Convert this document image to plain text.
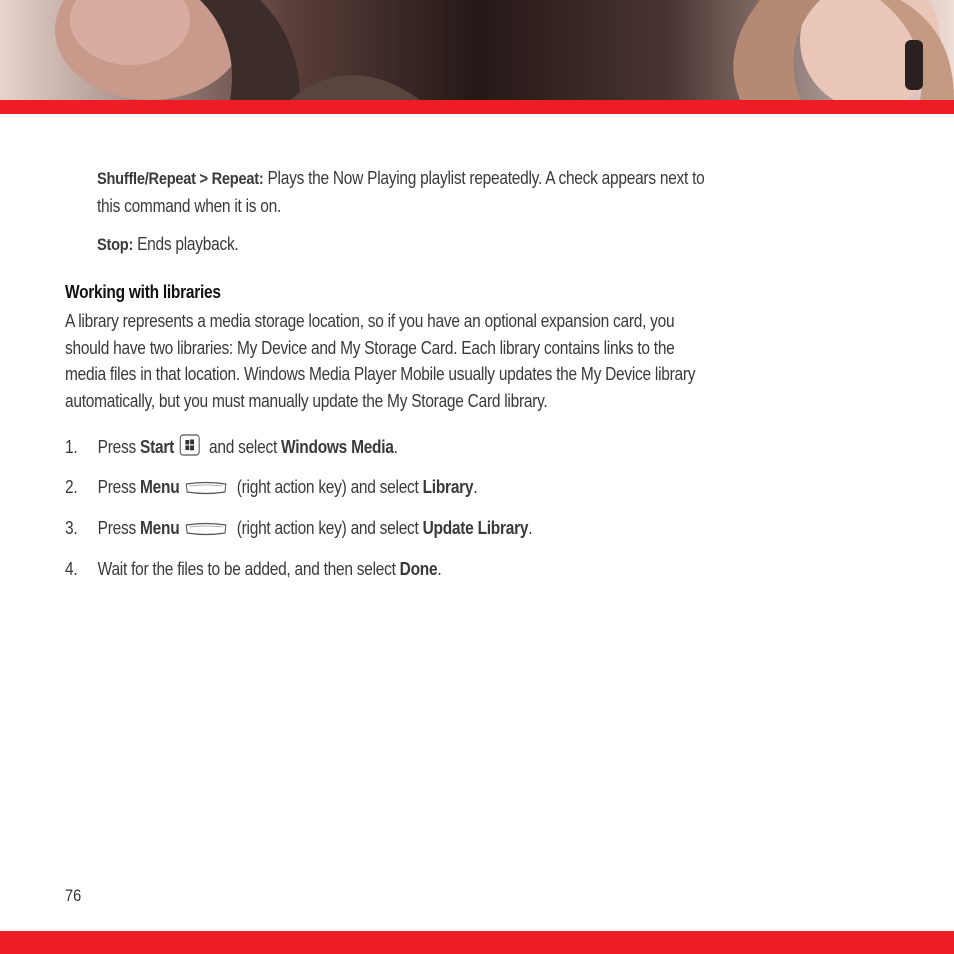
Shuffle/Repeat > Repeat: Plays the Now Playing playlist repeatedly. A check appears next to
this command when it is on.
Stop: Ends playback.
Working with libraries
A library represents a media storage location, so if you have an optional expansion card, you
should have two libraries: My Device and My Storage Card. Each library contains links to the
media files in that location. Windows Media Player Mobile usually updates the My Device library
automatically, but you must manually update the My Storage Card library.
1. Press Start and select Windows Media.
2. Press Menu	(right action key) and select Library.
3. Press Menu	(right action key) and select Update Library.
4. Wait for the files to be added, and then select Done.
76
